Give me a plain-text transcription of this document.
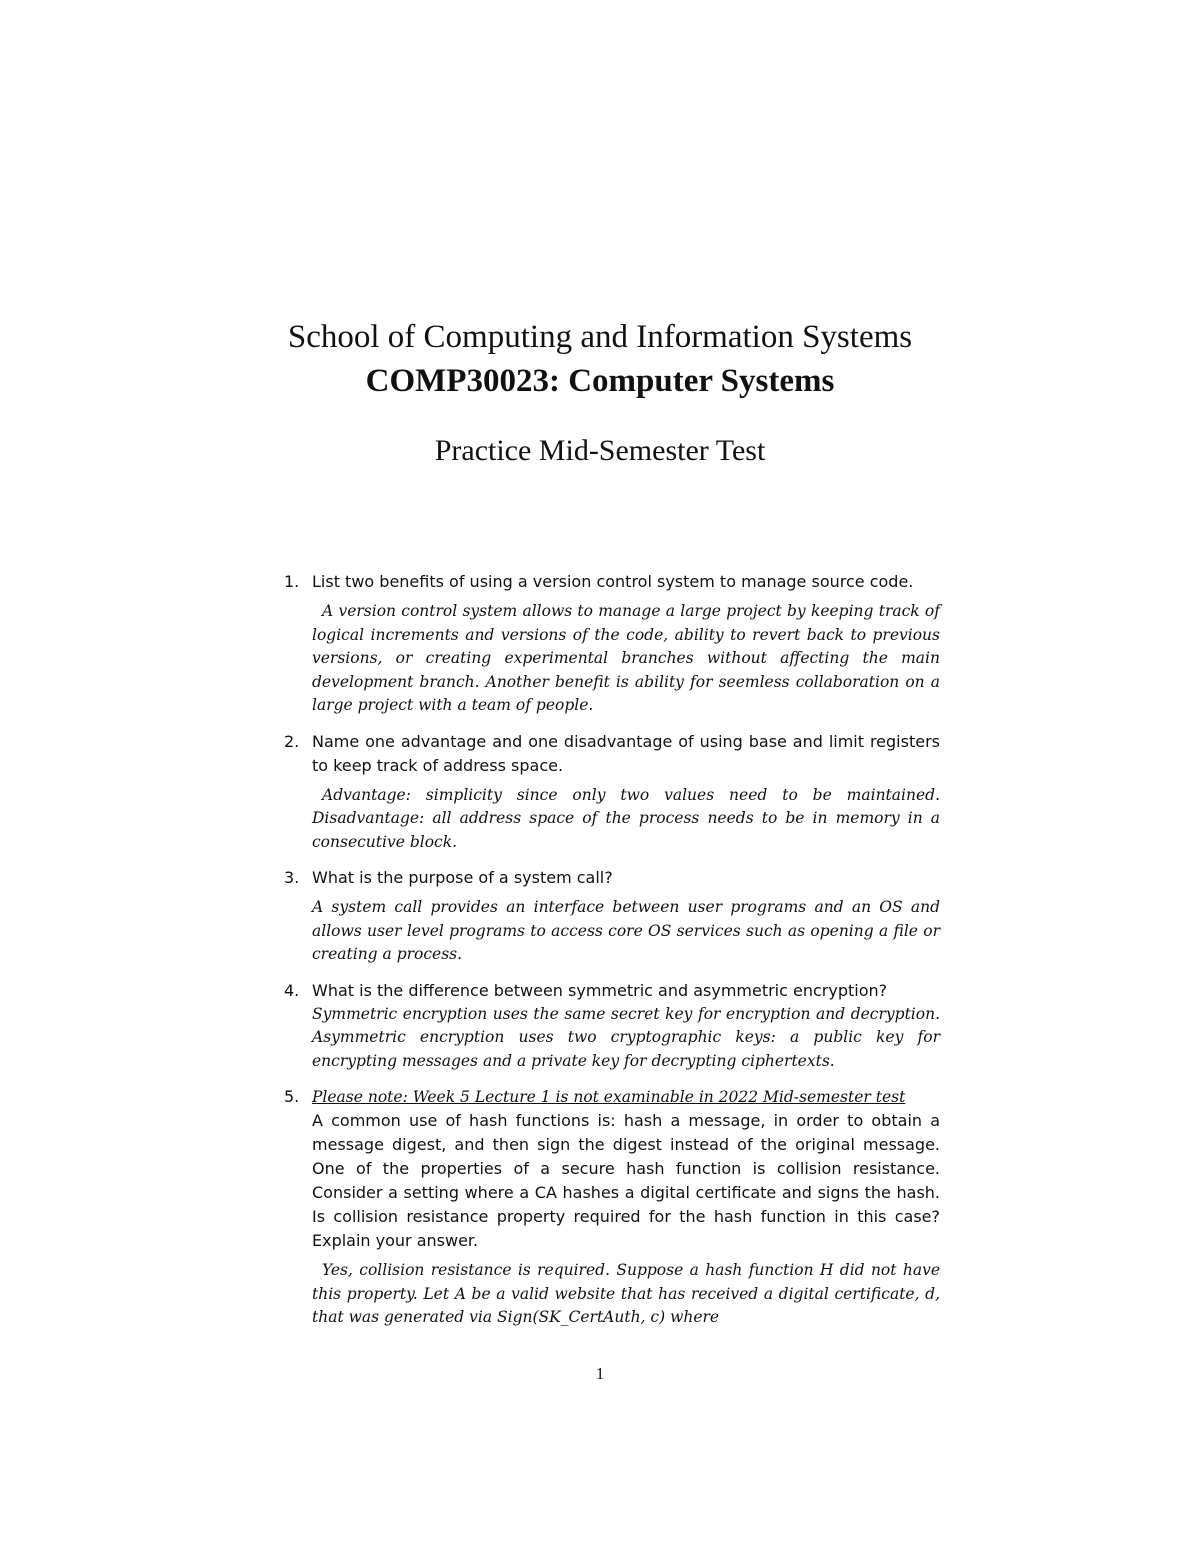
School of Computing and Information Systems

COMP30023: Computer Systems

Practice Mid-Semester Test

1. List two benefits of using a version control system to manage source code.

A version control system allows to manage a large project by keeping track of logical increments and versions of the code, ability to revert back to previous versions, or creating experimental branches without affecting the main development branch. Another benefit is ability for seemless collaboration on a large project with a team of people.

2. Name one advantage and one disadvantage of using base and limit registers to keep track of address space.

Advantage: simplicity since only two values need to be maintained. Disadvantage: all address space of the process needs to be in memory in a consecutive block.

3. What is the purpose of a system call?

A system call provides an interface between user programs and an OS and allows user level programs to access core OS services such as opening a file or creating a process.

4. What is the difference between symmetric and asymmetric encryption?

Symmetric encryption uses the same secret key for encryption and decryption. Asymmetric encryption uses two cryptographic keys: a public key for encrypting messages and a private key for decrypting ciphertexts.

5. Please note: Week 5 Lecture 1 is not examinable in 2022 Mid-semester test

A common use of hash functions is: hash a message, in order to obtain a message digest, and then sign the digest instead of the original message. One of the properties of a secure hash function is collision resistance. Consider a setting where a CA hashes a digital certificate and signs the hash. Is collision resistance property required for the hash function in this case? Explain your answer.

Yes, collision resistance is required. Suppose a hash function H did not have this property. Let A be a valid website that has received a digital certificate, d, that was generated via Sign(SK_CertAuth, c) where

1
